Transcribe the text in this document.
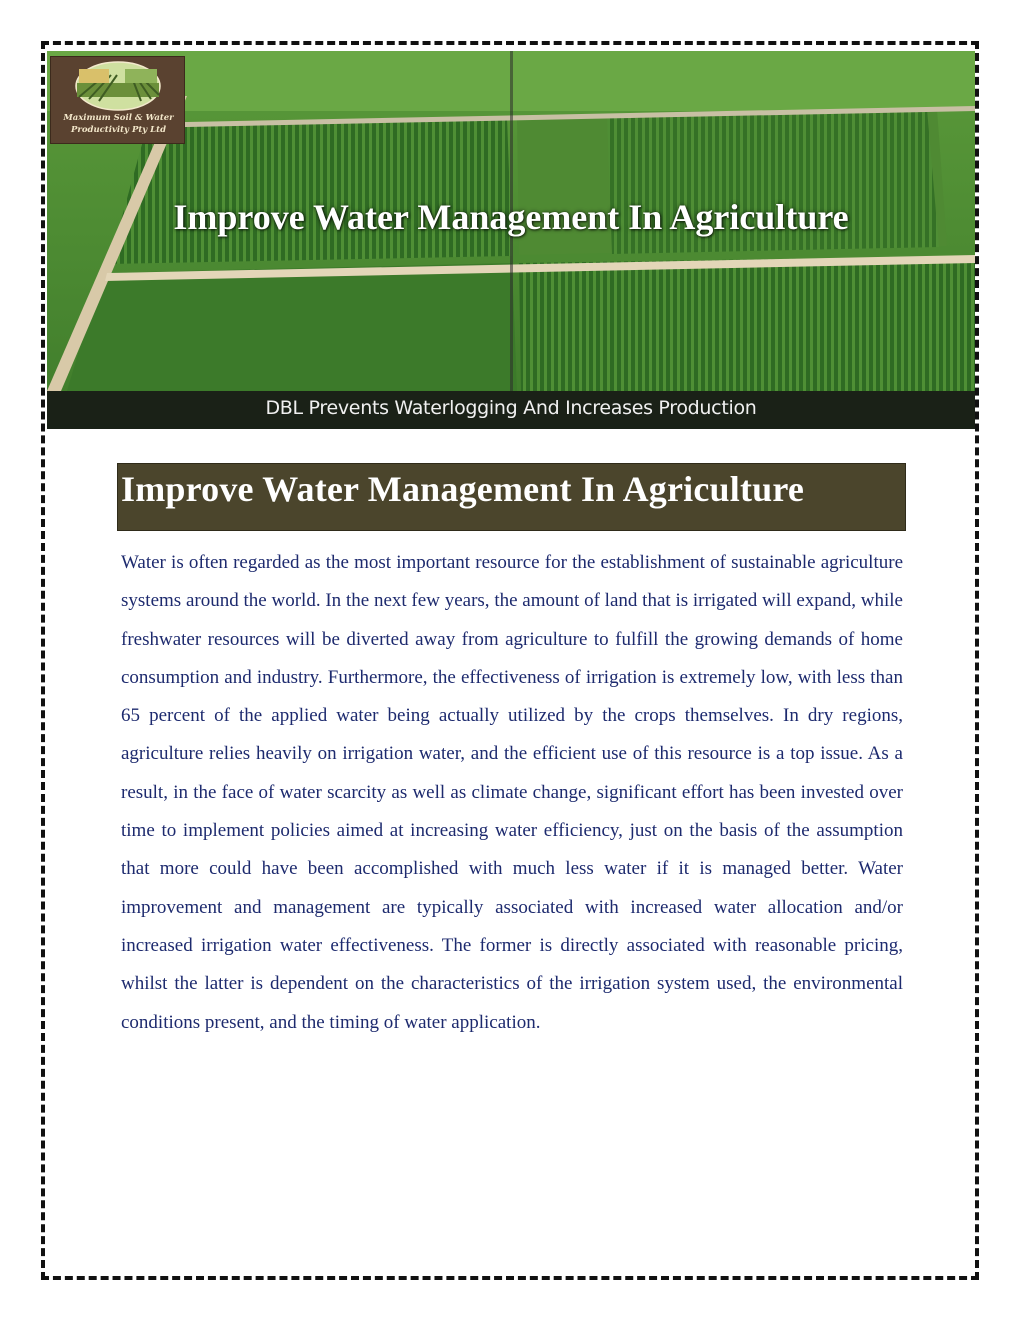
Maximum Soil & Water
Productivity Pty Ltd
Improve Water Management In Agriculture
DBL Prevents Waterlogging And Increases Production
Improve Water Management In Agriculture

Water is often regarded as the most important resource for the establishment of sustainable agriculture systems around the world. In the next few years, the amount of land that is irrigated will expand, while freshwater resources will be diverted away from agriculture to fulfill the growing demands of home consumption and industry. Furthermore, the effectiveness of irrigation is extremely low, with less than 65 percent of the applied water being actually utilized by the crops themselves. In dry regions, agriculture relies heavily on irrigation water, and the efficient use of this resource is a top issue. As a result, in the face of water scarcity as well as climate change, significant effort has been invested over time to implement policies aimed at increasing water efficiency, just on the basis of the assumption that more could have been accomplished with much less water if it is managed better. Water improvement and management are typically associated with increased water allocation and/or increased irrigation water effectiveness. The former is directly associated with reasonable pricing, whilst the latter is dependent on the characteristics of the irrigation system used, the environmental conditions present, and the timing of water application.
